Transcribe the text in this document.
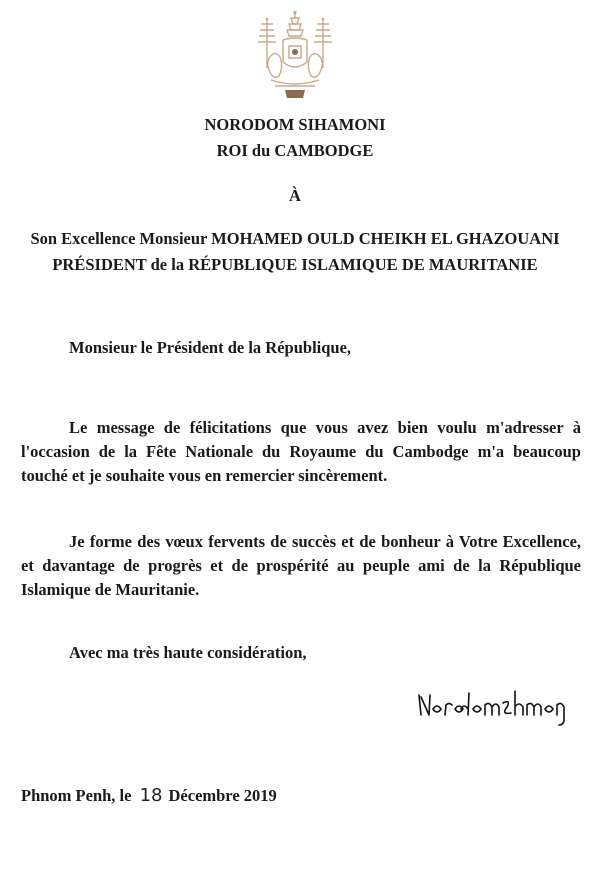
NORODOM SIHAMONI
ROI du CAMBODGE
À
Son Excellence Monsieur MOHAMED OULD CHEIKH EL GHAZOUANI
PRÉSIDENT de la RÉPUBLIQUE ISLAMIQUE DE MAURITANIE
Monsieur le Président de la République,
Le message de félicitations que vous avez bien voulu m'adresser à l'occasion de la Fête Nationale du Royaume du Cambodge m'a beaucoup touché et je souhaite vous en remercier sincèrement.
Je forme des vœux fervents de succès et de bonheur à Votre Excellence, et davantage de progrès et de prospérité au peuple ami de la République Islamique de Mauritanie.
Avec ma très haute considération,
Phnom Penh, le 18 Décembre 2019
